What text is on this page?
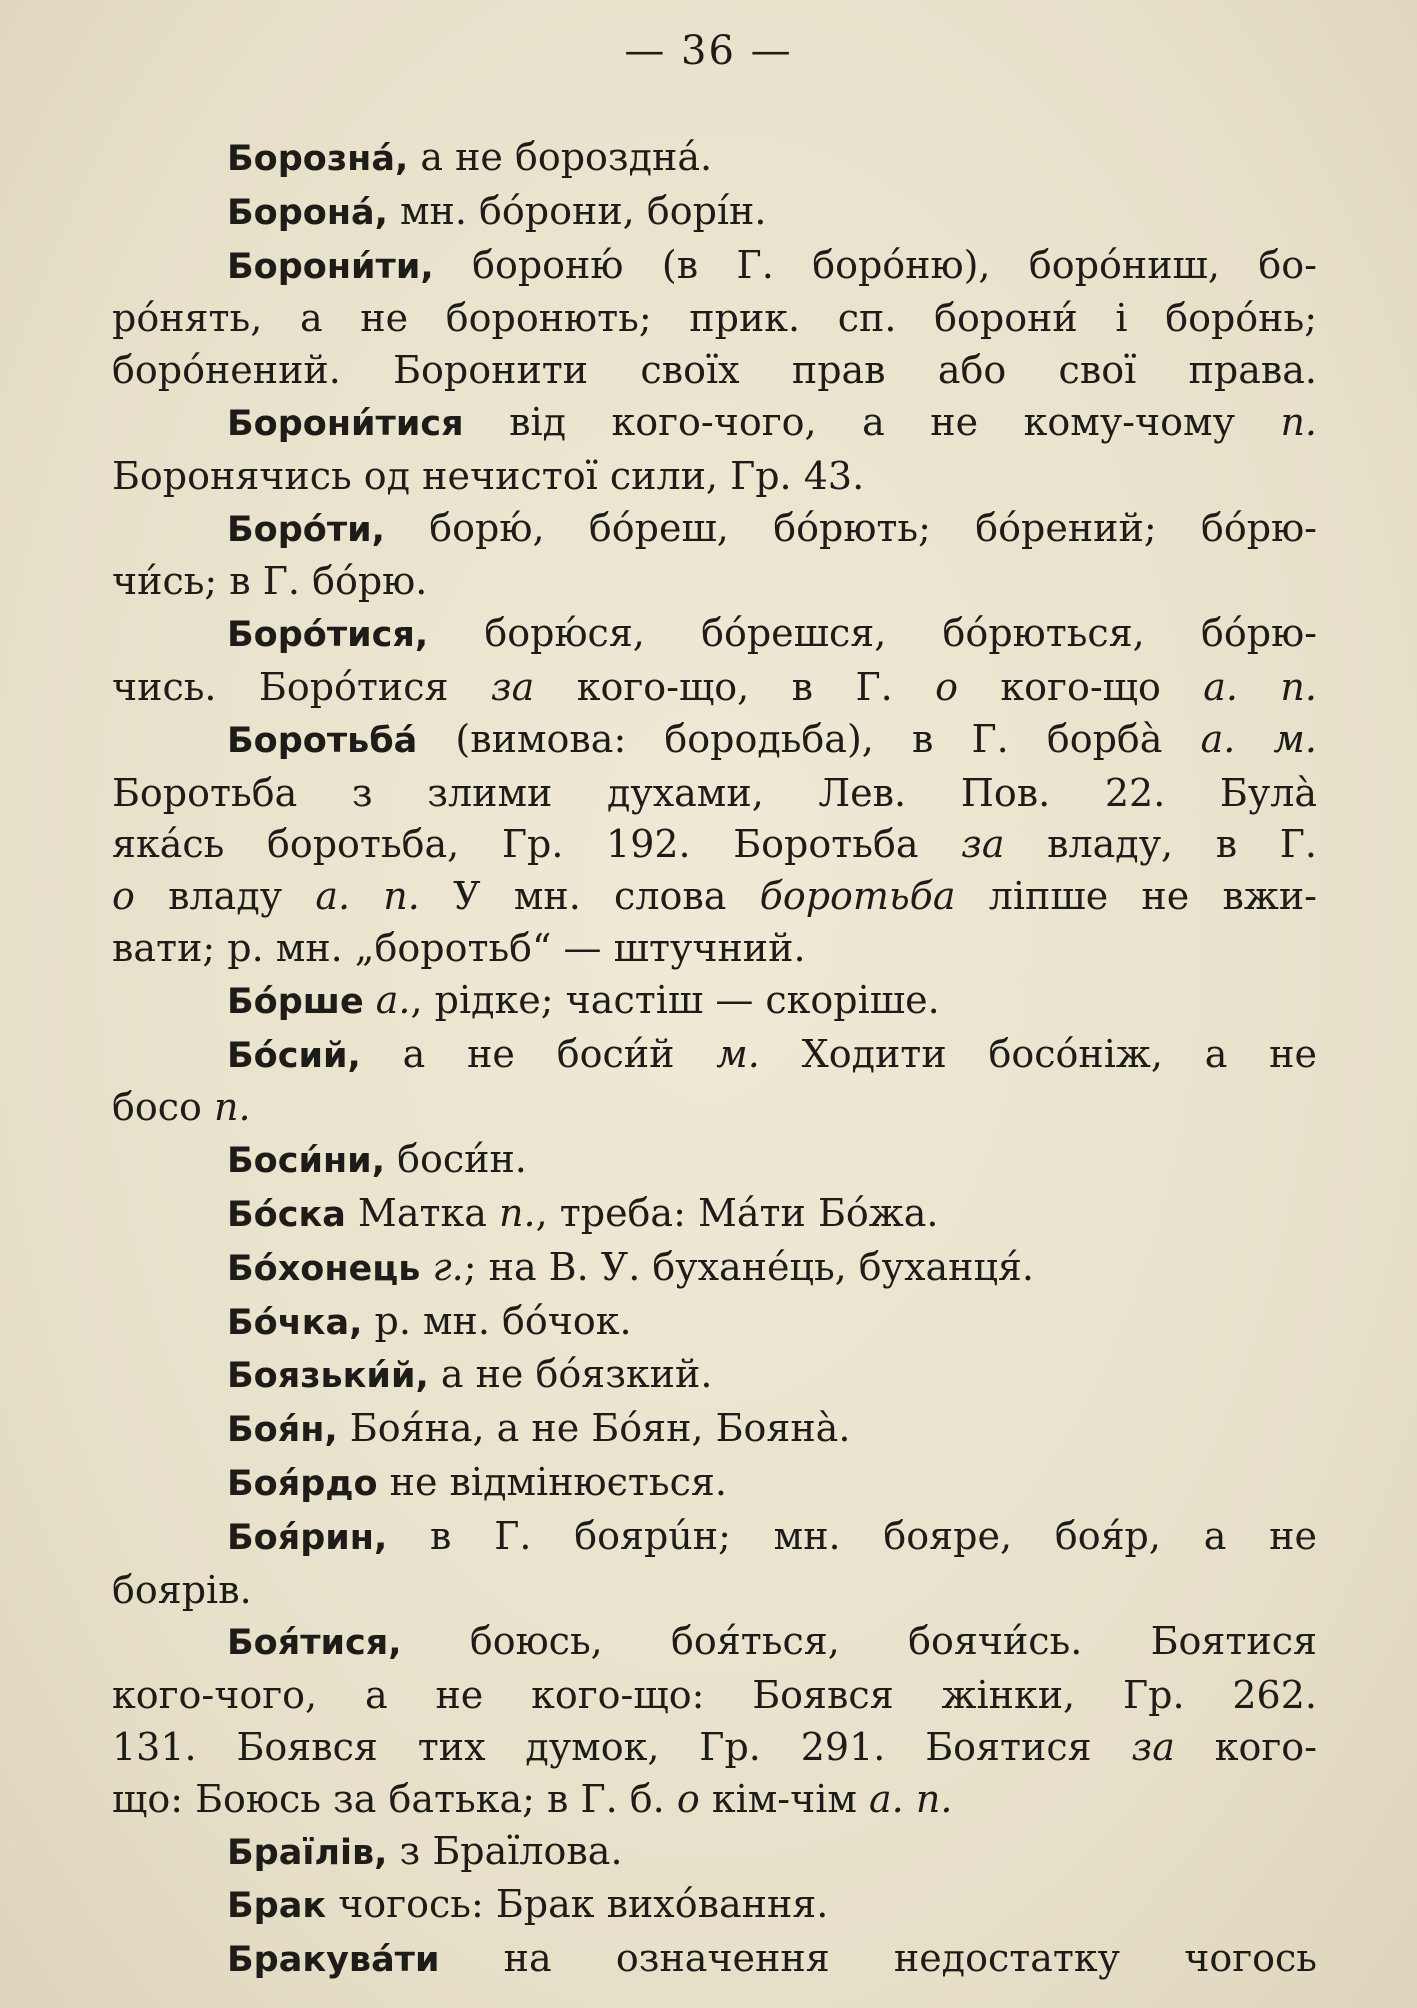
— 36 —
Борозна́, а не борозднá.
Борона́, мн. бóрони, борíн.
Борони́ти, бороню́ (в Г. борóню), борóниш, бо-
рóнять, а не боронють; прик. сп. борони́ і борóнь;
борóнений. Боронити своїх прав або свої права.
Борони́тися від кого-чого, а не кому-чому п.
Боронячись од нечистої сили, Гр. 43.
Боро́ти, борю́, бóреш, бóрють; бóрений; бóрю-
чи́сь; в Г. бóрю.
Боро́тися, борю́ся, бóрешся, бóрються, бóрю-
чись. Борóтися за кого-що, в Г. о кого-що а. п.
Боротьба́ (вимова: бородьба), в Г. борбà а. м.
Боротьба з злими духами, Лев. Пов. 22. Булà
якáсь боротьба, Гр. 192. Боротьба за владу, в Г.
о владу а. п. У мн. слова боротьба ліпше не вжи-
вати; р. мн. „боротьб“ — штучний.
Бо́рше а., рідке; частіш — скоріше.
Бо́сий, а не боси́й м. Ходити босóніж, а не
босо п.
Боси́ни, боси́н.
Бо́ска Матка п., треба: Мáти Бóжа.
Бо́хонець г.; на В. У. буханéць, буханця́.
Бо́чка, р. мн. бóчок.
Боязьки́й, а не бóязкий.
Боя́н, Боя́на, а не Бóян, Боянà.
Боя́рдо не відмінюється.
Боя́рин, в Г. боярúн; мн. бояре, боя́р, а не
боярів.
Боя́тися, боюсь, боя́ться, боячи́сь. Боятися
кого-чого, а не кого-що: Боявся жінки, Гр. 262.
131. Боявся тих думок, Гр. 291. Боятися за кого-
що: Боюсь за батька; в Г. б. о кім-чім а. п.
Браїлів, з Браїлова.
Брак чогось: Брак вихóвання.
Бракува́ти на означення недостатку чогось
